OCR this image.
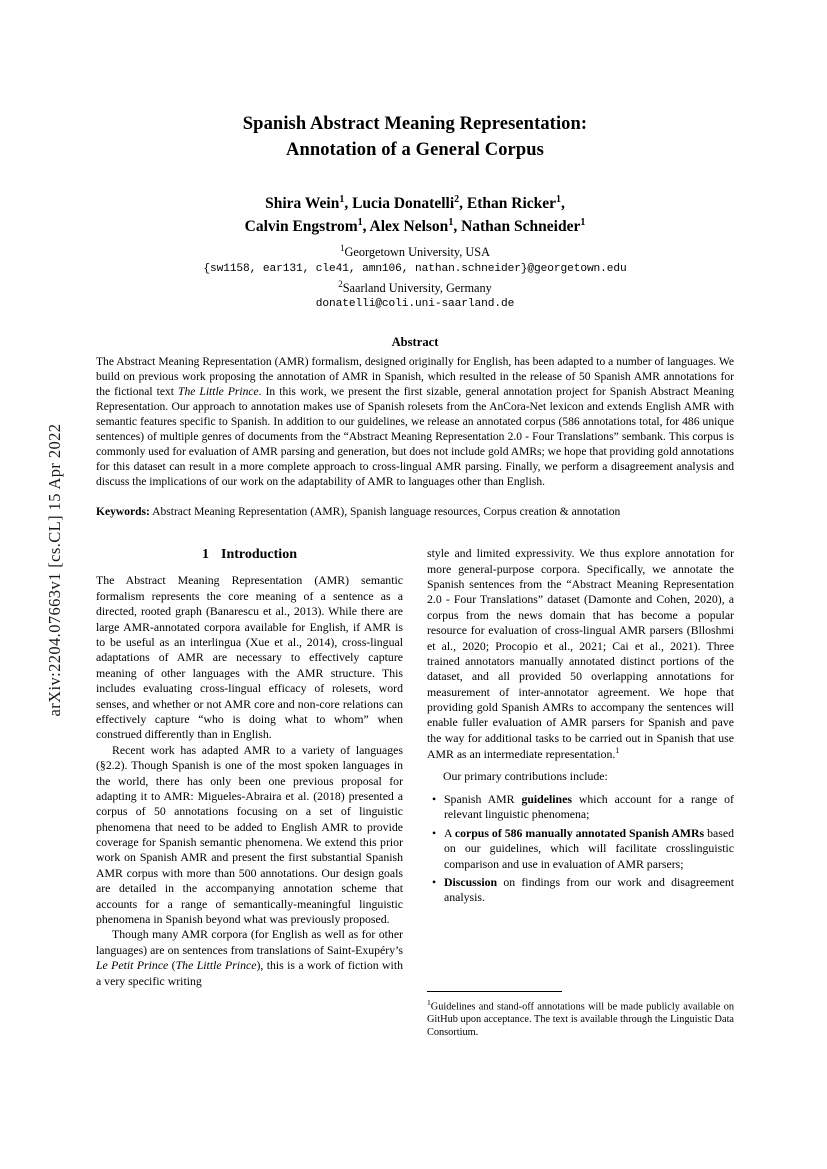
arXiv:2204.07663v1 [cs.CL] 15 Apr 2022
Spanish Abstract Meaning Representation:
Annotation of a General Corpus
Shira Wein$^1$, Lucia Donatelli$^2$, Ethan Ricker$^1$,
Calvin Engstrom$^1$, Alex Nelson$^1$, Nathan Schneider$^1$
$^1$Georgetown University, USA
{sw1158, ear131, cle41, amn106, nathan.schneider}@georgetown.edu
$^2$Saarland University, Germany
donatelli@coli.uni-saarland.de
Abstract
The Abstract Meaning Representation (AMR) formalism, designed originally for English, has been adapted to a number of languages. We build on previous work proposing the annotation of AMR in Spanish, which resulted in the release of 50 Spanish AMR annotations for the fictional text The Little Prince. In this work, we present the first sizable, general annotation project for Spanish Abstract Meaning Representation. Our approach to annotation makes use of Spanish rolesets from the AnCora-Net lexicon and extends English AMR with semantic features specific to Spanish. In addition to our guidelines, we release an annotated corpus (586 annotations total, for 486 unique sentences) of multiple genres of documents from the “Abstract Meaning Representation 2.0 - Four Translations” sembank. This corpus is commonly used for evaluation of AMR parsing and generation, but does not include gold AMRs; we hope that providing gold annotations for this dataset can result in a more complete approach to cross-lingual AMR parsing. Finally, we perform a disagreement analysis and discuss the implications of our work on the adaptability of AMR to languages other than English.
Keywords: Abstract Meaning Representation (AMR), Spanish language resources, Corpus creation & annotation
1 Introduction

The Abstract Meaning Representation (AMR) semantic formalism represents the core meaning of a sentence as a directed, rooted graph (Banarescu et al., 2013). While there are large AMR-annotated corpora available for English, if AMR is to be useful as an interlingua (Xue et al., 2014), cross-lingual adaptations of AMR are necessary to effectively capture meaning of other languages with the AMR structure. This includes evaluating cross-lingual efficacy of rolesets, word senses, and whether or not AMR core and non-core relations can effectively capture “who is doing what to whom” when construed differently than in English.

Recent work has adapted AMR to a variety of languages (§2.2). Though Spanish is one of the most spoken languages in the world, there has only been one previous proposal for adapting it to AMR: Migueles-Abraira et al. (2018) presented a corpus of 50 annotations focusing on a set of linguistic phenomena that need to be added to English AMR to provide coverage for Spanish semantic phenomena. We extend this prior work on Spanish AMR and present the first substantial Spanish AMR corpus with more than 500 annotations. Our design goals are detailed in the accompanying annotation scheme that accounts for a range of semantically-meaningful linguistic phenomena in Spanish beyond what was previously proposed.

Though many AMR corpora (for English as well as for other languages) are on sentences from translations of Saint-Exupéry’s Le Petit Prince (The Little Prince), this is a work of fiction with a very specific writing

style and limited expressivity. We thus explore annotation for more general-purpose corpora. Specifically, we annotate the Spanish sentences from the “Abstract Meaning Representation 2.0 - Four Translations” dataset (Damonte and Cohen, 2020), a corpus from the news domain that has become a popular resource for evaluation of cross-lingual AMR parsers (Blloshmi et al., 2020; Procopio et al., 2021; Cai et al., 2021). Three trained annotators manually annotated distinct portions of the dataset, and all provided 50 overlapping annotations for measurement of inter-annotator agreement. We hope that providing gold Spanish AMRs to accompany the sentences will enable fuller evaluation of AMR parsers for Spanish and pave the way for additional tasks to be carried out in Spanish that use AMR as an intermediate representation.$^1$

Our primary contributions include:

• Spanish AMR guidelines which account for a range of relevant linguistic phenomena;
• A corpus of 586 manually annotated Spanish AMRs based on our guidelines, which will facilitate crosslinguistic comparison and use in evaluation of AMR parsers;
• Discussion on findings from our work and disagreement analysis.
$^1$Guidelines and stand-off annotations will be made publicly available on GitHub upon acceptance. The text is available through the Linguistic Data Consortium.
